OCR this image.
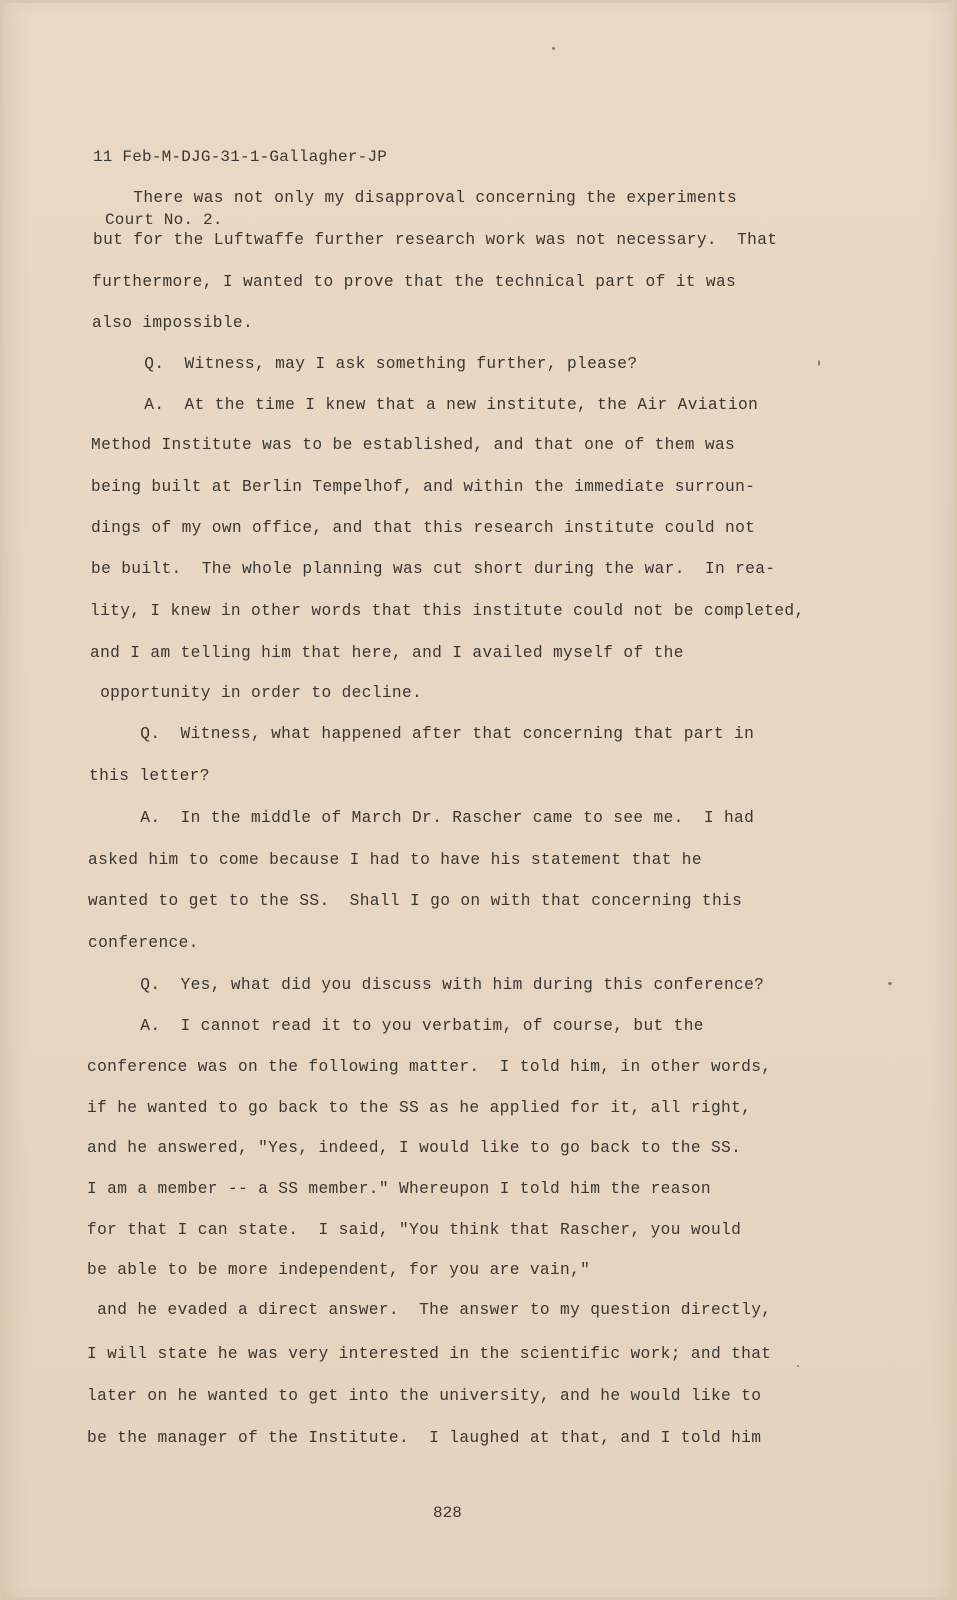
11 Feb-M-DJG-31-1-Gallagher-JP

Court No. 2.

There was not only my disapproval concerning the experiments
but for the Luftwaffe further research work was not necessary.  That
furthermore, I wanted to prove that the technical part of it was
also impossible.
Q.  Witness, may I ask something further, please?
A.  At the time I knew that a new institute, the Air Aviation
Method Institute was to be established, and that one of them was
being built at Berlin Tempelhof, and within the immediate surroun-
dings of my own office, and that this research institute could not
be built.  The whole planning was cut short during the war.  In rea-
lity, I knew in other words that this institute could not be completed,
and I am telling him that here, and I availed myself of the
opportunity in order to decline.
Q.  Witness, what happened after that concerning that part in
this letter?
A.  In the middle of March Dr. Rascher came to see me.  I had
asked him to come because I had to have his statement that he
wanted to get to the SS.  Shall I go on with that concerning this
conference.
Q.  Yes, what did you discuss with him during this conference?
A.  I cannot read it to you verbatim, of course, but the
conference was on the following matter.  I told him, in other words,
if he wanted to go back to the SS as he applied for it, all right,
and he answered, "Yes, indeed, I would like to go back to the SS.
I am a member -- a SS member." Whereupon I told him the reason
for that I can state.  I said, "You think that Rascher, you would
be able to be more independent, for you are vain,"
and he evaded a direct answer.  The answer to my question directly,
I will state he was very interested in the scientific work; and that
later on he wanted to get into the university, and he would like to
be the manager of the Institute.  I laughed at that, and I told him
828
